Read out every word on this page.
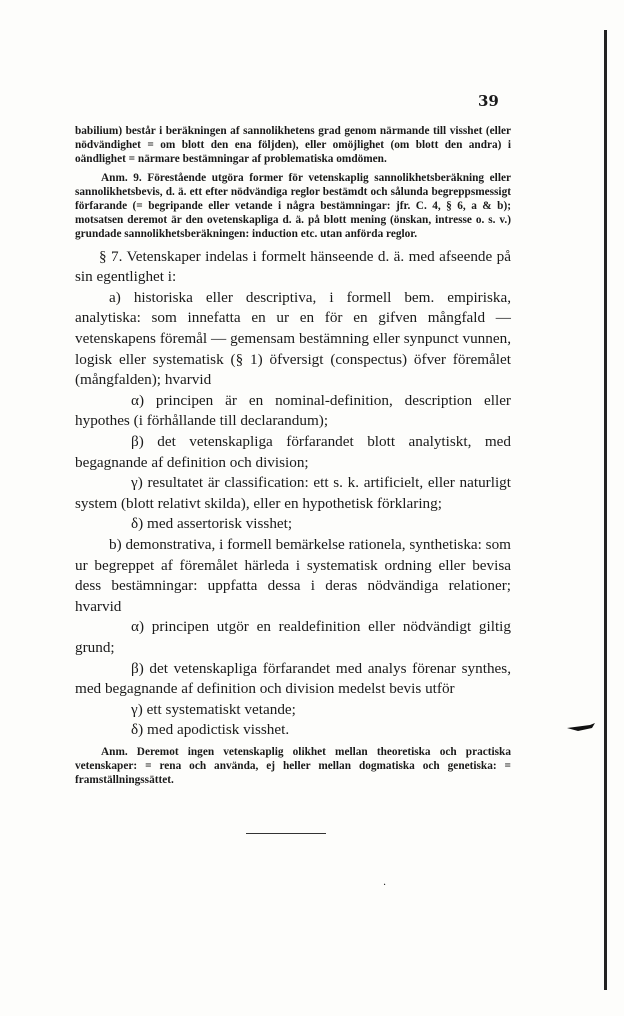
39

babilium) består i beräkningen af sannolikhetens grad genom närmande till visshet (eller nödvändighet = om blott den ena följden), eller omöjlighet (om blott den andra) i oändlighet = närmare bestämningar af problematiska omdömen.

Anm. 9. Förestående utgöra former för vetenskaplig sannolikhetsberäkning eller sannolikhetsbevis, d. ä. ett efter nödvändiga reglor bestämdt och sålunda begreppsmessigt förfarande (= begripande eller vetande i några bestämningar: jfr. C. 4, § 6, a & b); motsatsen deremot är den ovetenskapliga d. ä. på blott mening (önskan, intresse o. s. v.) grundade sannolikhetsberäkningen: induction etc. utan anförda reglor.

§ 7. Vetenskaper indelas i formelt hänseende d. ä. med afseende på sin egentlighet i:

a) historiska eller descriptiva, i formell bem. empiriska, analytiska: som innefatta en ur en för en gifven mångfald — vetenskapens föremål — gemensam bestämning eller synpunct vunnen, logisk eller systematisk (§ 1) öfversigt (conspectus) öfver föremålet (mångfalden); hvarvid

α) principen är en nominal-definition, description eller hypothes (i förhållande till declarandum);

β) det vetenskapliga förfarandet blott analytiskt, med begagnande af definition och division;

γ) resultatet är classification: ett s. k. artificielt, eller naturligt system (blott relativt skilda), eller en hypothetisk förklaring;

δ) med assertorisk visshet;

b) demonstrativa, i formell bemärkelse rationela, synthetiska: som ur begreppet af föremålet härleda i systematisk ordning eller bevisa dess bestämningar: uppfatta dessa i deras nödvändiga relationer; hvarvid

α) principen utgör en realdefinition eller nödvändigt giltig grund;

β) det vetenskapliga förfarandet med analys förenar synthes, med begagnande af definition och division medelst bevis utför

γ) ett systematiskt vetande;

δ) med apodictisk visshet.

Anm. Deremot ingen vetenskaplig olikhet mellan theoretiska och practiska vetenskaper: = rena och använda, ej heller mellan dogmatiska och genetiska: = framställningssättet.

·
